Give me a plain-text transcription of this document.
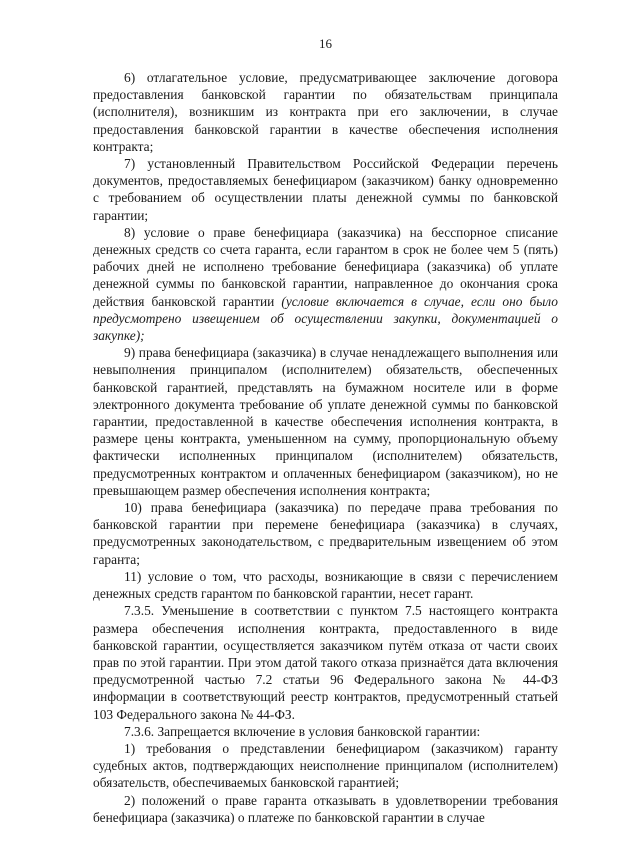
16

6) отлагательное условие, предусматривающее заключение договора предоставления банковской гарантии по обязательствам принципала (исполнителя), возникшим из контракта при его заключении, в случае предоставления банковской гарантии в качестве обеспечения исполнения контракта;

7) установленный Правительством Российской Федерации перечень документов, предоставляемых бенефициаром (заказчиком) банку одновременно с требованием об осуществлении платы денежной суммы по банковской гарантии;

8) условие о праве бенефициара (заказчика) на бесспорное списание денежных средств со счета гаранта, если гарантом в срок не более чем 5 (пять) рабочих дней не исполнено требование бенефициара (заказчика) об уплате денежной суммы по банковской гарантии, направленное до окончания срока действия банковской гарантии (условие включается в случае, если оно было предусмотрено извещением об осуществлении закупки, документацией о закупке);

9) права бенефициара (заказчика) в случае ненадлежащего выполнения или невыполнения принципалом (исполнителем) обязательств, обеспеченных банковской гарантией, представлять на бумажном носителе или в форме электронного документа требование об уплате денежной суммы по банковской гарантии, предоставленной в качестве обеспечения исполнения контракта, в размере цены контракта, уменьшенном на сумму, пропорциональную объему фактически исполненных принципалом (исполнителем) обязательств, предусмотренных контрактом и оплаченных бенефициаром (заказчиком), но не превышающем размер обеспечения исполнения контракта;

10) права бенефициара (заказчика) по передаче права требования по банковской гарантии при перемене бенефициара (заказчика) в случаях, предусмотренных законодательством, с предварительным извещением об этом гаранта;

11) условие о том, что расходы, возникающие в связи с перечислением денежных средств гарантом по банковской гарантии, несет гарант.

7.3.5. Уменьшение в соответствии с пунктом 7.5 настоящего контракта размера обеспечения исполнения контракта, предоставленного в виде банковской гарантии, осуществляется заказчиком путём отказа от части своих прав по этой гарантии. При этом датой такого отказа признаётся дата включения предусмотренной частью 7.2 статьи 96 Федерального закона № 44-ФЗ информации в соответствующий реестр контрактов, предусмотренный статьей 103 Федерального закона № 44-ФЗ.

7.3.6. Запрещается включение в условия банковской гарантии:

1) требования о представлении бенефициаром (заказчиком) гаранту судебных актов, подтверждающих неисполнение принципалом (исполнителем) обязательств, обеспечиваемых банковской гарантией;

2) положений о праве гаранта отказывать в удовлетворении требования бенефициара (заказчика) о платеже по банковской гарантии в случае
